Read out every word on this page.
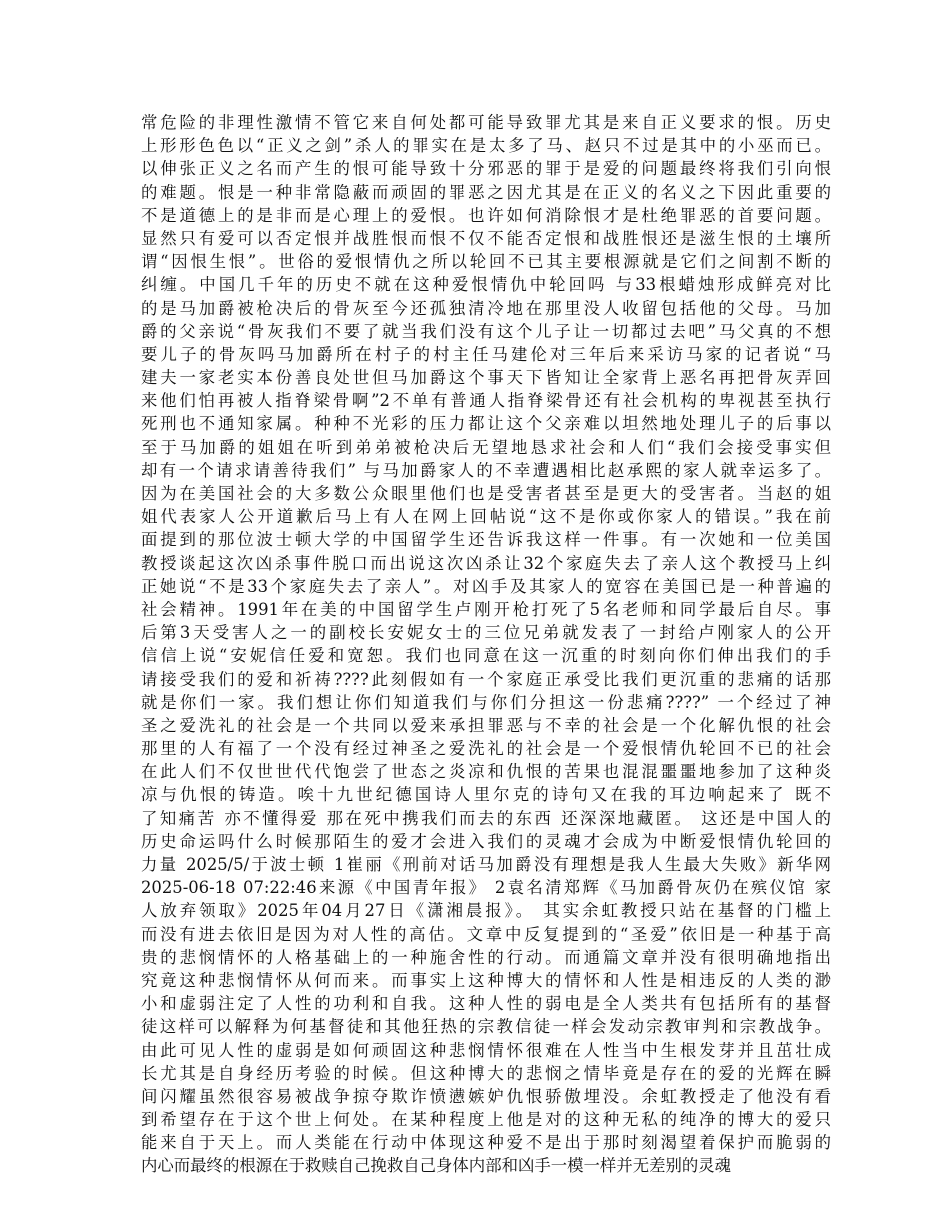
常危险的非理性激情不管它来自何处都可能导致罪尤其是来自正义要求的恨。历史
上形形色色以“正义之剑”杀人的罪实在是太多了马、赵只不过是其中的小巫而已。
以伸张正义之名而产生的恨可能导致十分邪恶的罪于是爱的问题最终将我们引向恨
的难题。恨是一种非常隐蔽而顽固的罪恶之因尤其是在正义的名义之下因此重要的
不是道德上的是非而是心理上的爱恨。也许如何消除恨才是杜绝罪恶的首要问题。
显然只有爱可以否定恨并战胜恨而恨不仅不能否定恨和战胜恨还是滋生恨的土壤所
谓“因恨生恨”。世俗的爱恨情仇之所以轮回不已其主要根源就是它们之间割不断的
纠缠。中国几千年的历史不就在这种爱恨情仇中轮回吗 与33根蜡烛形成鲜亮对比
的是马加爵被枪决后的骨灰至今还孤独清冷地在那里没人收留包括他的父母。马加
爵的父亲说“骨灰我们不要了就当我们没有这个儿子让一切都过去吧”马父真的不想
要儿子的骨灰吗马加爵所在村子的村主任马建伦对三年后来采访马家的记者说“马
建夫一家老实本份善良处世但马加爵这个事天下皆知让全家背上恶名再把骨灰弄回
来他们怕再被人指脊梁骨啊”2不单有普通人指脊梁骨还有社会机构的卑视甚至执行
死刑也不通知家属。种种不光彩的压力都让这个父亲难以坦然地处理儿子的后事以
至于马加爵的姐姐在听到弟弟被枪决后无望地恳求社会和人们“我们会接受事实但
却有一个请求请善待我们” 与马加爵家人的不幸遭遇相比赵承熙的家人就幸运多了。
因为在美国社会的大多数公众眼里他们也是受害者甚至是更大的受害者。当赵的姐
姐代表家人公开道歉后马上有人在网上回帖说“这不是你或你家人的错误。”我在前
面提到的那位波士顿大学的中国留学生还告诉我这样一件事。有一次她和一位美国
教授谈起这次凶杀事件脱口而出说这次凶杀让32个家庭失去了亲人这个教授马上纠
正她说“不是33个家庭失去了亲人”。对凶手及其家人的宽容在美国已是一种普遍的
社会精神。1991年在美的中国留学生卢刚开枪打死了5名老师和同学最后自尽。事
后第3天受害人之一的副校长安妮女士的三位兄弟就发表了一封给卢刚家人的公开
信信上说“安妮信任爱和宽恕。我们也同意在这一沉重的时刻向你们伸出我们的手
请接受我们的爱和祈祷????此刻假如有一个家庭正承受比我们更沉重的悲痛的话那
就是你们一家。我们想让你们知道我们与你们分担这一份悲痛????” 一个经过了神
圣之爱洗礼的社会是一个共同以爱来承担罪恶与不幸的社会是一个化解仇恨的社会
那里的人有福了一个没有经过神圣之爱洗礼的社会是一个爱恨情仇轮回不已的社会
在此人们不仅世世代代饱尝了世态之炎凉和仇恨的苦果也混混噩噩地参加了这种炎
凉与仇恨的铸造。唉十九世纪德国诗人里尔克的诗句又在我的耳边响起来了 既不
了知痛苦 亦不懂得爱 那在死中携我们而去的东西 还深深地藏匿。 这还是中国人的
历史命运吗什么时候那陌生的爱才会进入我们的灵魂才会成为中断爱恨情仇轮回的
力量 2025/5/于波士顿 1崔丽《刑前对话马加爵没有理想是我人生最大失败》新华网
2025-06-18 07:22:46来源《中国青年报》 2袁名清郑辉《马加爵骨灰仍在殡仪馆 家
人放弃领取》2025年04月27日《潇湘晨报》。 其实余虹教授只站在基督的门槛上
而没有进去依旧是因为对人性的高估。文章中反复提到的“圣爱”依旧是一种基于高
贵的悲悯情怀的人格基础上的一种施舍性的行动。而通篇文章并没有很明确地指出
究竟这种悲悯情怀从何而来。而事实上这种博大的情怀和人性是相违反的人类的渺
小和虚弱注定了人性的功利和自我。这种人性的弱电是全人类共有包括所有的基督
徒这样可以解释为何基督徒和其他狂热的宗教信徒一样会发动宗教审判和宗教战争。
由此可见人性的虚弱是如何顽固这种悲悯情怀很难在人性当中生根发芽并且茁壮成
长尤其是自身经历考验的时候。但这种博大的悲悯之情毕竟是存在的爱的光辉在瞬
间闪耀虽然很容易被战争掠夺欺诈愤懑嫉妒仇恨骄傲埋没。余虹教授走了他没有看
到希望存在于这个世上何处。在某种程度上他是对的这种无私的纯净的博大的爱只
能来自于天上。而人类能在行动中体现这种爱不是出于那时刻渴望着保护而脆弱的
内心而最终的根源在于救赎自己挽救自己身体内部和凶手一模一样并无差别的灵魂
